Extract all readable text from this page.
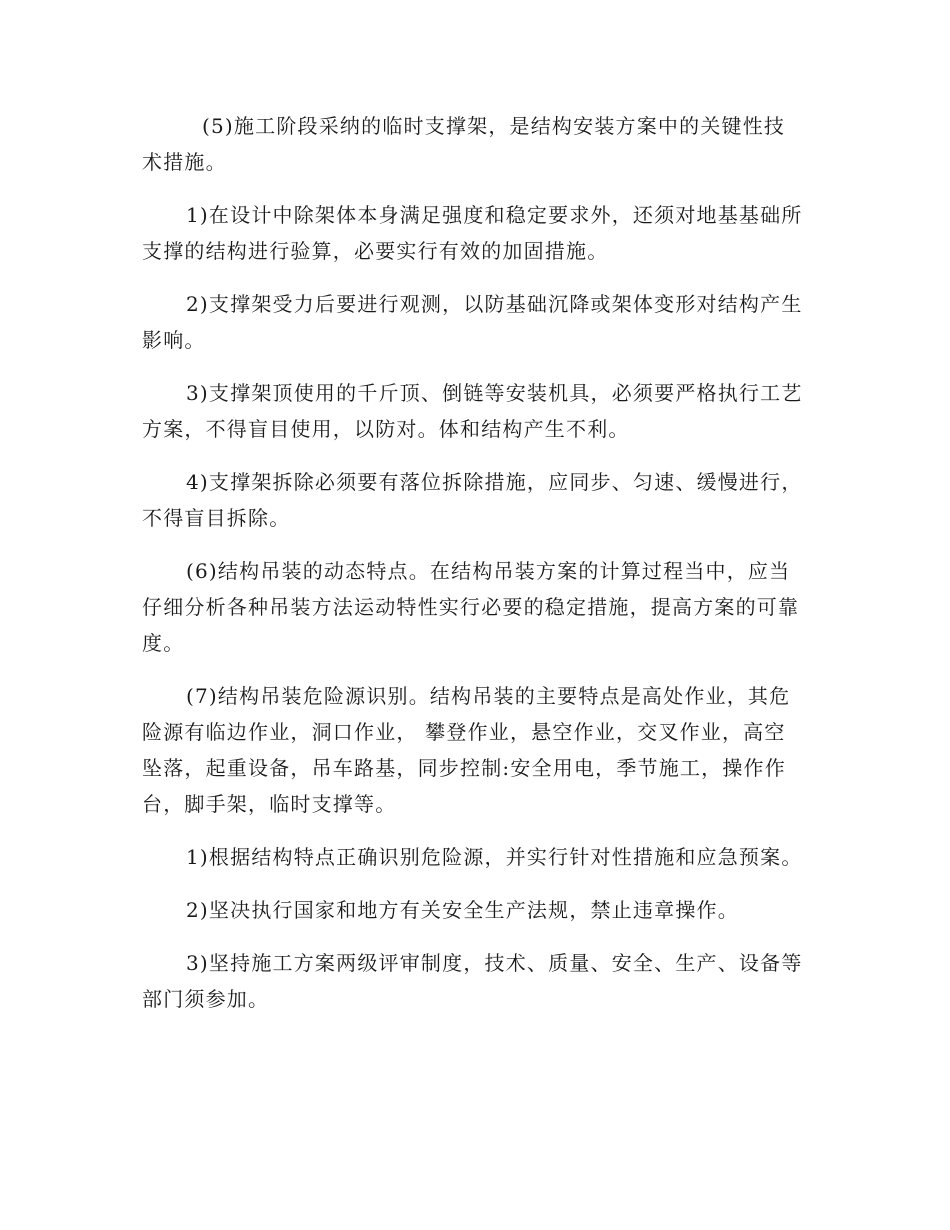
(5)施工阶段采纳的临时支撑架，是结构安装方案中的关键性技术措施。

1)在设计中除架体本身满足强度和稳定要求外，还须对地基基础所支撑的结构进行验算，必要实行有效的加固措施。

2)支撑架受力后要进行观测，以防基础沉降或架体变形对结构产生影响。

3)支撑架顶使用的千斤顶、倒链等安装机具，必须要严格执行工艺方案，不得盲目使用，以防对。体和结构产生不利。

4)支撑架拆除必须要有落位拆除措施，应同步、匀速、缓慢进行，不得盲目拆除。

(6)结构吊装的动态特点。在结构吊装方案的计算过程当中，应当仔细分析各种吊装方法运动特性实行必要的稳定措施，提高方案的可靠度。

(7)结构吊装危险源识别。结构吊装的主要特点是高处作业，其危险源有临边作业，洞口作业， 攀登作业，悬空作业，交叉作业，高空坠落，起重设备，吊车路基，同步控制:安全用电，季节施工，操作作台，脚手架，临时支撑等。

1)根据结构特点正确识别危险源，并实行针对性措施和应急预案。

2)坚决执行国家和地方有关安全生产法规，禁止违章操作。

3)坚持施工方案两级评审制度，技术、质量、安全、生产、设备等部门须参加。
